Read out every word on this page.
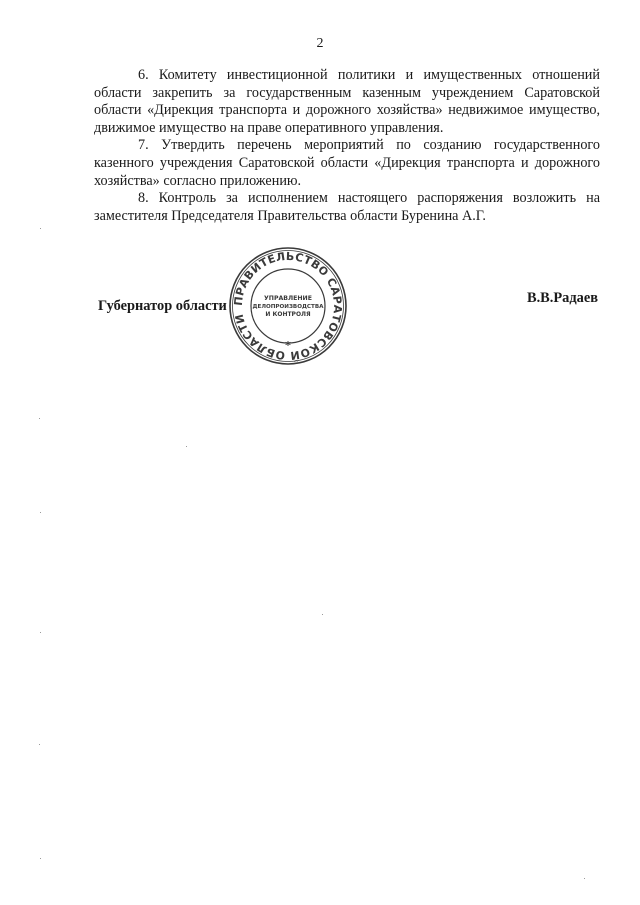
2

6. Комитету инвестиционной политики и имущественных отношений области закрепить за государственным казенным учреждением Саратовской области «Дирекция транспорта и дорожного хозяйства» недвижимое имущество, движимое имущество на праве оперативного управления.

7. Утвердить перечень мероприятий по созданию государственного казенного учреждения Саратовской области «Дирекция транспорта и дорожного хозяйства» согласно приложению.

8. Контроль за исполнением настоящего распоряжения возложить на заместителя Председателя Правительства области Буренина А.Г.

Губернатор области	В.В.Радаев
ПРАВИТЕЛЬСТВО САРАТОВСКОЙ ОБЛАСТИ
УПРАВЛЕНИЕ
ДЕЛОПРОИЗВОДСТВА
И КОНТРОЛЯ
*
